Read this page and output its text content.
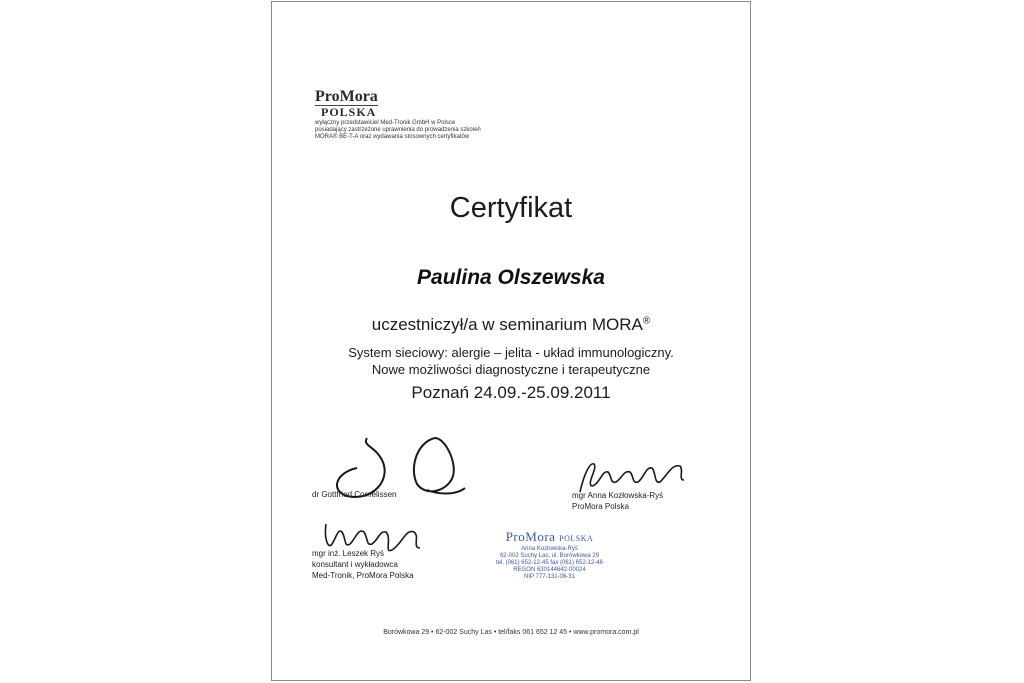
ProMora
POLSKA
wyłączny przedstawiciel Med-Tronik GmbH w Polsce
posiadający zastrzeżone uprawnienia do prowadzenia szkoleń
MORA® BE-T-A oraz wydawania stosownych certyfikatów
Certyfikat
Paulina Olszewska
uczestniczył/a w seminarium MORA®
System sieciowy: alergie – jelita - układ immunologiczny.
Nowe możliwości diagnostyczne i terapeutyczne
Poznań 24.09.-25.09.2011
dr Gottfried Cornelissen	mgr Anna Kozłowska-Ryś
ProMora Polska
mgr inż. Leszek Ryś
konsultant i wykładowca
Med-Tronik, ProMora Polska
ProMora POLSKA
Anna Kozłowska-Ryś
62-002 Suchy Las, ul. Borówkowa 29
tel. (061) 652-12-45 fax (061) 652-12-46
REGON 630144642-00024
NIP 777-131-06-31
Borówkowa 29 • 62-002 Suchy Las • tel/faks 061 652 12 45 • www.promora.com.pl
